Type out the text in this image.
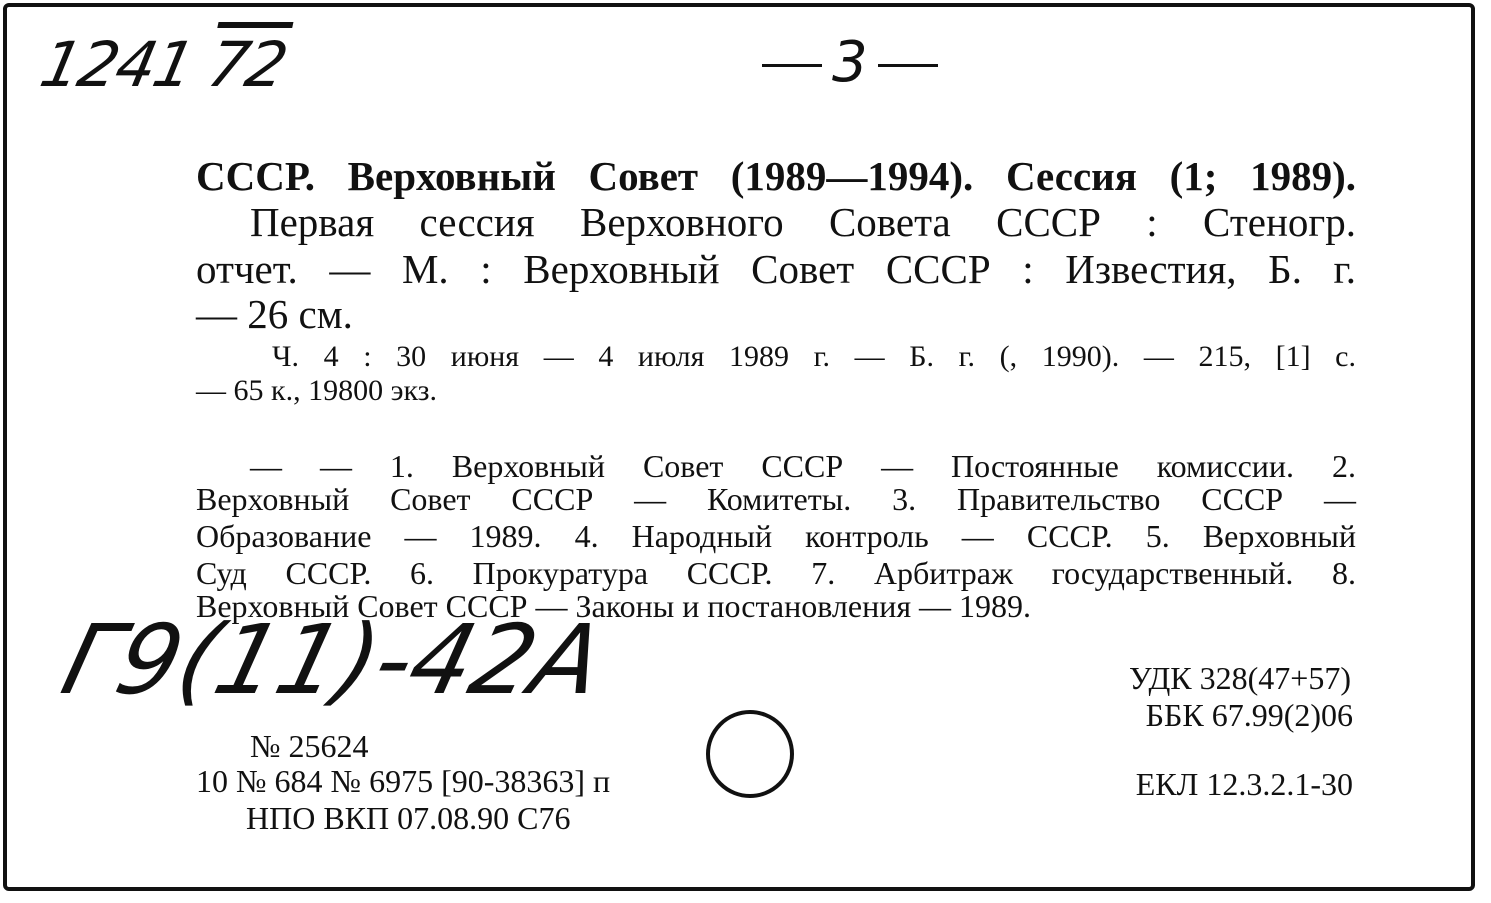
1241 72	3
СССР. Верховный Совет (1989—1994). Сессия (1; 1989).
Первая сессия Верховного Совета СССР : Стеногр.
отчет. — М. : Верховный Совет СССР : Известия, Б. г.
— 26 см.
Ч. 4 : 30 июня — 4 июля 1989 г. — Б. г. (, 1990). — 215, [1] с.
— 65 к., 19800 экз.
— — 1. Верховный Совет СССР — Постоянные комиссии. 2.
Верховный Совет СССР — Комитеты. 3. Правительство СССР —
Образование — 1989. 4. Народный контроль — СССР. 5. Верховный
Суд СССР. 6. Прокуратура СССР. 7. Арбитраж государственный. 8.
Верховный Совет СССР — Законы и постановления — 1989.
Г9(11)-42А	УДК 328(47+57)
ББК 67.99(2)06
ЕКЛ 12.3.2.1-30
№ 25624
10 № 684 № 6975 [90-38363] п
НПО ВКП 07.08.90 С76
